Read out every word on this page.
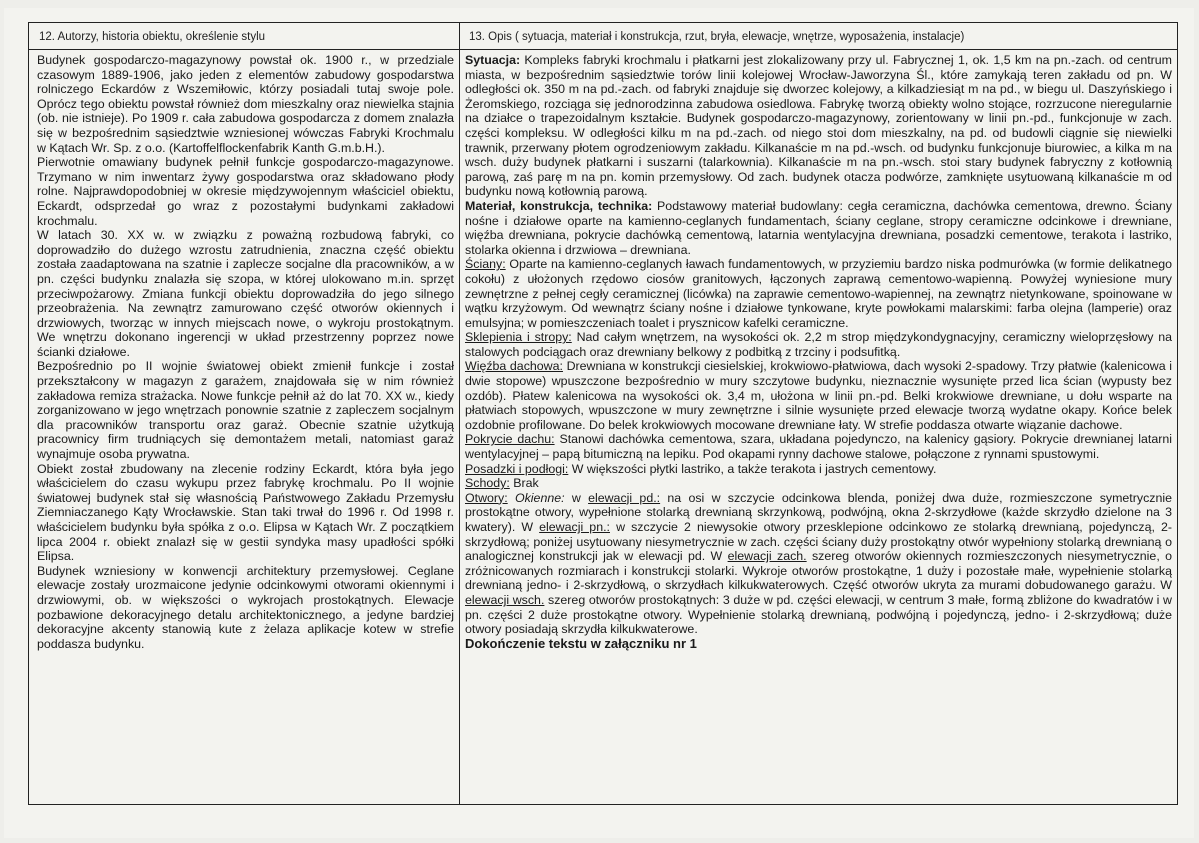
12. Autorzy, historia obiektu, określenie stylu	13. Opis ( sytuacja, materiał i konstrukcja, rzut, bryła, elewacje, wnętrze, wyposażenia, instalacje)

Budynek gospodarczo-magazynowy powstał ok. 1900 r., w przedziale czasowym 1889-1906, jako jeden z elementów zabudowy gospodarstwa rolniczego Eckardów z Wszemiłowic, którzy posiadali tutaj swoje pole. Oprócz tego obiektu powstał również dom mieszkalny oraz niewielka stajnia (ob. nie istnieje). Po 1909 r. cała zabudowa gospodarcza z domem znalazła się w bezpośrednim sąsiedztwie wzniesionej wówczas Fabryki Krochmalu w Kątach Wr. Sp. z o.o. (Kartoffelflockenfabrik Kanth G.m.b.H.).

Pierwotnie omawiany budynek pełnił funkcje gospodarczo-magazynowe. Trzymano w nim inwentarz żywy gospodarstwa oraz składowano płody rolne. Najprawdopodobniej w okresie międzywojennym właściciel obiektu, Eckardt, odsprzedał go wraz z pozostałymi budynkami zakładowi krochmalu.

W latach 30. XX w. w związku z poważną rozbudową fabryki, co doprowadziło do dużego wzrostu zatrudnienia, znaczna część obiektu została zaadaptowana na szatnie i zaplecze socjalne dla pracowników, a w pn. części budynku znalazła się szopa, w której ulokowano m.in. sprzęt przeciwpożarowy. Zmiana funkcji obiektu doprowadziła do jego silnego przeobrażenia. Na zewnątrz zamurowano część otworów okiennych i drzwiowych, tworząc w innych miejscach nowe, o wykroju prostokątnym. We wnętrzu dokonano ingerencji w układ przestrzenny poprzez nowe ścianki działowe.

Bezpośrednio po II wojnie światowej obiekt zmienił funkcje i został przekształcony w magazyn z garażem, znajdowała się w nim również zakładowa remiza strażacka. Nowe funkcje pełnił aż do lat 70. XX w., kiedy zorganizowano w jego wnętrzach ponownie szatnie z zapleczem socjalnym dla pracowników transportu oraz garaż. Obecnie szatnie użytkują pracownicy firm trudniących się demontażem metali, natomiast garaż wynajmuje osoba prywatna.

Obiekt został zbudowany na zlecenie rodziny Eckardt, która była jego właścicielem do czasu wykupu przez fabrykę krochmalu. Po II wojnie światowej budynek stał się własnością Państwowego Zakładu Przemysłu Ziemniaczanego Kąty Wrocławskie. Stan taki trwał do 1996 r. Od 1998 r. właścicielem budynku była spółka z o.o. Elipsa w Kątach Wr. Z początkiem lipca 2004 r. obiekt znalazł się w gestii syndyka masy upadłości spółki Elipsa.

Budynek wzniesiony w konwencji architektury przemysłowej. Ceglane elewacje zostały urozmaicone jedynie odcinkowymi otworami okiennymi i drzwiowymi, ob. w większości o wykrojach prostokątnych. Elewacje pozbawione dekoracyjnego detalu architektonicznego, a jedyne bardziej dekoracyjne akcenty stanowią kute z żelaza aplikacje kotew w strefie poddasza budynku.

Sytuacja: Kompleks fabryki krochmalu i płatkarni jest zlokalizowany przy ul. Fabrycznej 1, ok. 1,5 km na pn.-zach. od centrum miasta, w bezpośrednim sąsiedztwie torów linii kolejowej Wrocław-Jaworzyna Śl., które zamykają teren zakładu od pn. W odległości ok. 350 m na pd.-zach. od fabryki znajduje się dworzec kolejowy, a kilkadziesiąt m na pd., w biegu ul. Daszyńskiego i Żeromskiego, rozciąga się jednorodzinna zabudowa osiedlowa. Fabrykę tworzą obiekty wolno stojące, rozrzucone nieregularnie na działce o trapezoidalnym kształcie. Budynek gospodarczo-magazynowy, zorientowany w linii pn.-pd., funkcjonuje w zach. części kompleksu. W odległości kilku m na pd.-zach. od niego stoi dom mieszkalny, na pd. od budowli ciągnie się niewielki trawnik, przerwany płotem ogrodzeniowym zakładu. Kilkanaście m na pd.-wsch. od budynku funkcjonuje biurowiec, a kilka m na wsch. duży budynek płatkarni i suszarni (talarkownia). Kilkanaście m na pn.-wsch. stoi stary budynek fabryczny z kotłownią parową, zaś parę m na pn. komin przemysłowy. Od zach. budynek otacza podwórze, zamknięte usytuowaną kilkanaście m od budynku nową kotłownią parową.

Materiał, konstrukcja, technika: Podstawowy materiał budowlany: cegła ceramiczna, dachówka cementowa, drewno. Ściany nośne i działowe oparte na kamienno-ceglanych fundamentach, ściany ceglane, stropy ceramiczne odcinkowe i drewniane, więźba drewniana, pokrycie dachówką cementową, latarnia wentylacyjna drewniana, posadzki cementowe, terakota i lastriko, stolarka okienna i drzwiowa – drewniana.

Ściany: Oparte na kamienno-ceglanych ławach fundamentowych, w przyziemiu bardzo niska podmurówka (w formie delikatnego cokołu) z ułożonych rzędowo ciosów granitowych, łączonych zaprawą cementowo-wapienną. Powyżej wyniesione mury zewnętrzne z pełnej cegły ceramicznej (licówka) na zaprawie cementowo-wapiennej, na zewnątrz nietynkowane, spoinowane w wątku krzyżowym. Od wewnątrz ściany nośne i działowe tynkowane, kryte powłokami malarskimi: farba olejna (lamperie) oraz emulsyjna; w pomieszczeniach toalet i prysznicow kafelki ceramiczne.

Sklepienia i stropy: Nad całym wnętrzem, na wysokości ok. 2,2 m strop międzykondygnacyjny, ceramiczny wieloprzęsłowy na stalowych podciągach oraz drewniany belkowy z podbitką z trzciny i podsufitką.

Więźba dachowa: Drewniana w konstrukcji ciesielskiej, krokwiowo-płatwiowa, dach wysoki 2-spadowy. Trzy płatwie (kalenicowa i dwie stopowe) wpuszczone bezpośrednio w mury szczytowe budynku, nieznacznie wysunięte przed lica ścian (wypusty bez ozdób). Płatew kalenicowa na wysokości ok. 3,4 m, ułożona w linii pn.-pd. Belki krokwiowe drewniane, u dołu wsparte na płatwiach stopowych, wpuszczone w mury zewnętrzne i silnie wysunięte przed elewacje tworzą wydatne okapy. Końce belek ozdobnie profilowane. Do belek krokwiowych mocowane drewniane łaty. W strefie poddasza otwarte wiązanie dachowe.

Pokrycie dachu: Stanowi dachówka cementowa, szara, układana pojedynczo, na kalenicy gąsiory. Pokrycie drewnianej latarni wentylacyjnej – papą bitumiczną na lepiku. Pod okapami rynny dachowe stalowe, połączone z rynnami spustowymi.

Posadzki i podłogi: W większości płytki lastriko, a także terakota i jastrych cementowy.

Schody: Brak

Otwory: Okienne: w elewacji pd.: na osi w szczycie odcinkowa blenda, poniżej dwa duże, rozmieszczone symetrycznie prostokątne otwory, wypełnione stolarką drewnianą skrzynkową, podwójną, okna 2-skrzydłowe (każde skrzydło dzielone na 3 kwatery). W elewacji pn.: w szczycie 2 niewysokie otwory przesklepione odcinkowo ze stolarką drewnianą, pojedynczą, 2-skrzydłową; poniżej usytuowany niesymetrycznie w zach. części ściany duży prostokątny otwór wypełniony stolarką drewnianą o analogicznej konstrukcji jak w elewacji pd. W elewacji zach. szereg otworów okiennych rozmieszczonych niesymetrycznie, o zróżnicowanych rozmiarach i konstrukcji stolarki. Wykroje otworów prostokątne, 1 duży i pozostałe małe, wypełnienie stolarką drewnianą jedno- i 2-skrzydłową, o skrzydłach kilkukwaterowych. Część otworów ukryta za murami dobudowanego garażu. W elewacji wsch. szereg otworów prostokątnych: 3 duże w pd. części elewacji, w centrum 3 małe, formą zbliżone do kwadratów i w pn. części 2 duże prostokątne otwory. Wypełnienie stolarką drewnianą, podwójną i pojedynczą, jedno- i 2-skrzydłową; duże otwory posiadają skrzydła kilkukwaterowe.

Dokończenie tekstu w załączniku nr 1
